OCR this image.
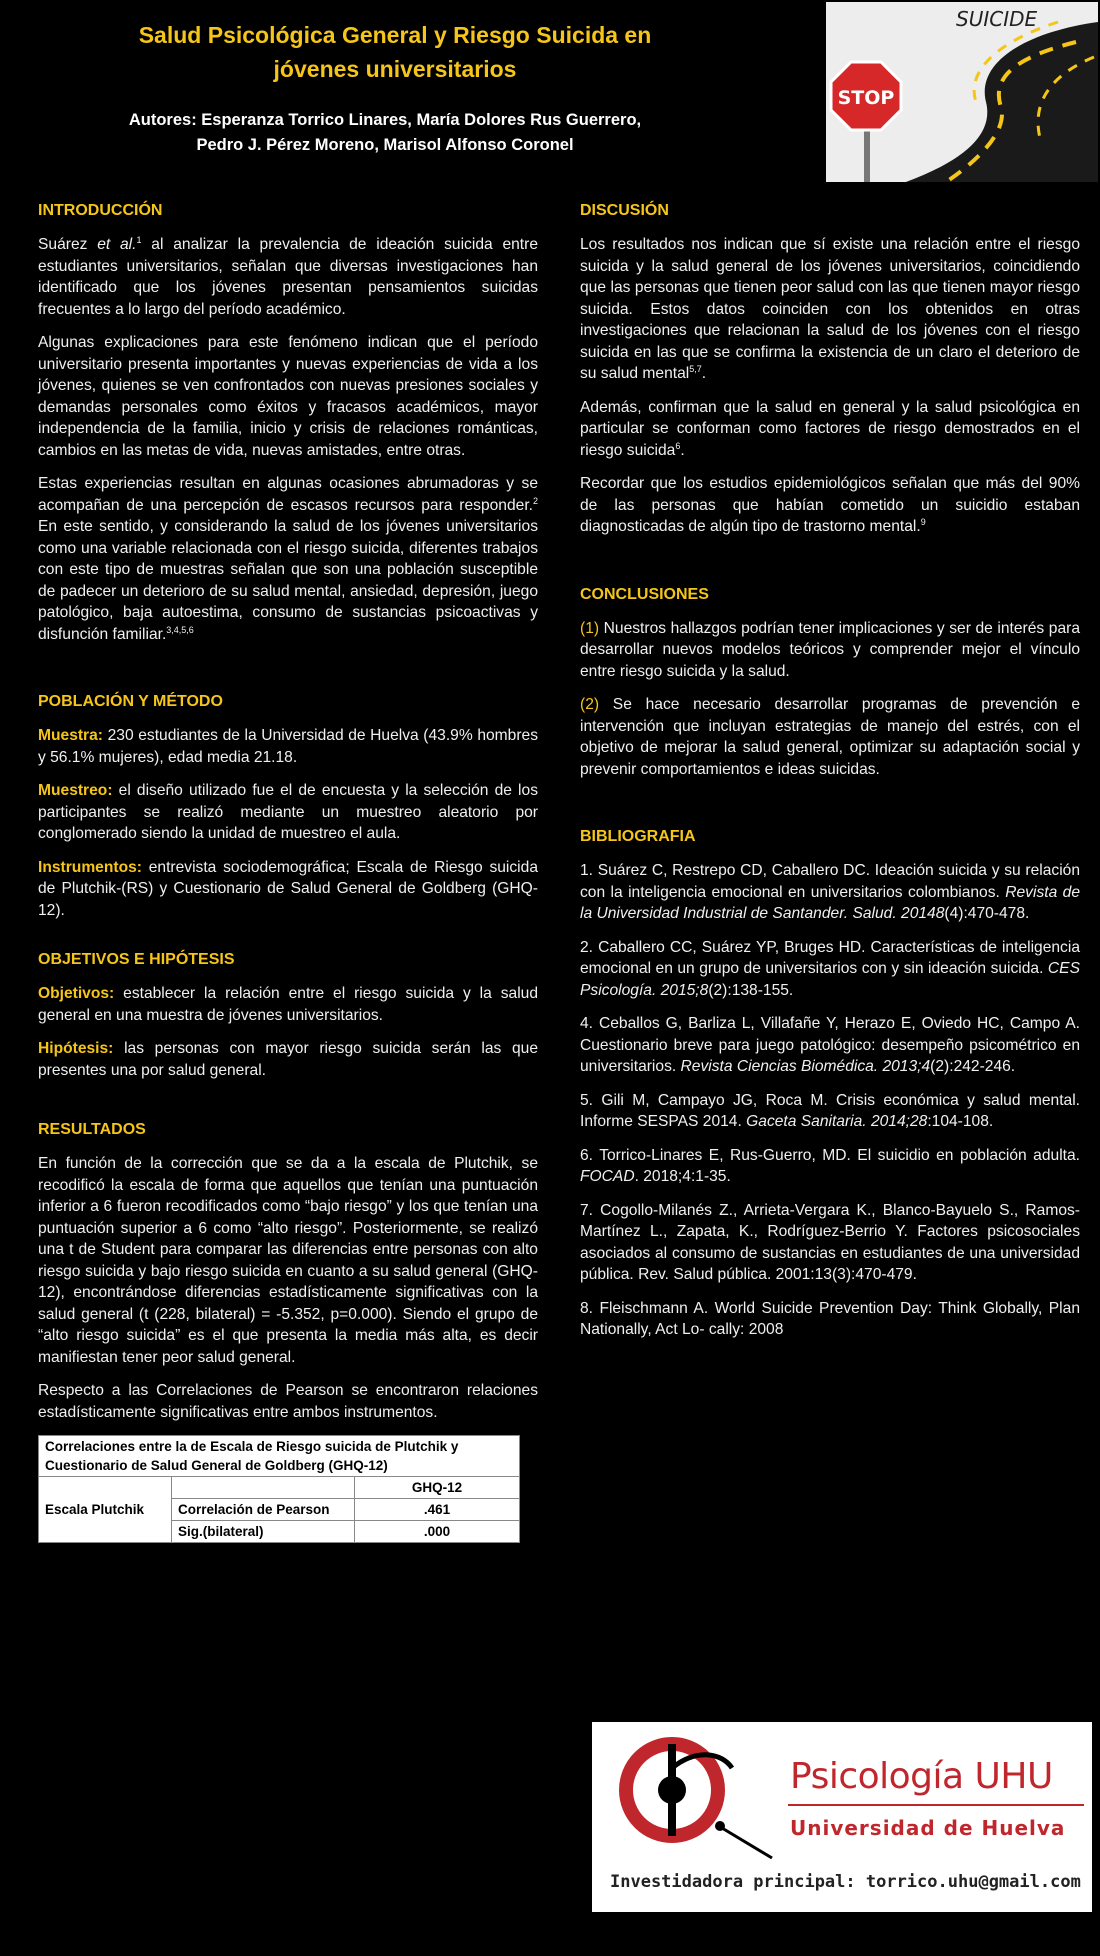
Salud Psicológica General y Riesgo Suicida en jóvenes universitarios
Autores: Esperanza Torrico Linares, María Dolores Rus Guerrero,
Pedro J. Pérez Moreno, Marisol Alfonso Coronel
SUICIDE
STOP
INTRODUCCIÓN

Suárez et al.$^1$ al analizar la prevalencia de ideación suicida entre estudiantes universitarios, señalan que diversas investigaciones han identificado que los jóvenes presentan pensamientos suicidas frecuentes a lo largo del período académico.

Algunas explicaciones para este fenómeno indican que el período universitario presenta importantes y nuevas experiencias de vida a los jóvenes, quienes se ven confrontados con nuevas presiones sociales y demandas personales como éxitos y fracasos académicos, mayor independencia de la familia, inicio y crisis de relaciones románticas, cambios en las metas de vida, nuevas amistades, entre otras.

Estas experiencias resultan en algunas ocasiones abrumadoras y se acompañan de una percepción de escasos recursos para responder.$^2$ En este sentido, y considerando la salud de los jóvenes universitarios como una variable relacionada con el riesgo suicida, diferentes trabajos con este tipo de muestras señalan que son una población susceptible de padecer un deterioro de su salud mental, ansiedad, depresión, juego patológico, baja autoestima, consumo de sustancias psicoactivas y disfunción familiar.$^{3,4,5,6}$

POBLACIÓN Y MÉTODO

Muestra: 230 estudiantes de la Universidad de Huelva (43.9% hombres y 56.1% mujeres), edad media 21.18.

Muestreo: el diseño utilizado fue el de encuesta y la selección de los participantes se realizó mediante un muestreo aleatorio por conglomerado siendo la unidad de muestreo el aula.

Instrumentos: entrevista sociodemográfica; Escala de Riesgo suicida de Plutchik-(RS) y Cuestionario de Salud General de Goldberg (GHQ-12).

OBJETIVOS E HIPÓTESIS

Objetivos: establecer la relación entre el riesgo suicida y la salud general en una muestra de jóvenes universitarios.

Hipótesis: las personas con mayor riesgo suicida serán las que presentes una por salud general.

RESULTADOS

En función de la corrección que se da a la escala de Plutchik, se recodificó la escala de forma que aquellos que tenían una puntuación inferior a 6 fueron recodificados como “bajo riesgo” y los que tenían una puntuación superior a 6 como “alto riesgo”. Posteriormente, se realizó una t de Student para comparar las diferencias entre personas con alto riesgo suicida y bajo riesgo suicida en cuanto a su salud general (GHQ-12), encontrándose diferencias estadísticamente significativas con la salud general (t (228, bilateral) = -5.352, p=0.000). Siendo el grupo de “alto riesgo suicida” es el que presenta la media más alta, es decir manifiestan tener peor salud general.

Respecto a las Correlaciones de Pearson se encontraron relaciones estadísticamente significativas entre ambos instrumentos.

Correlaciones entre la de Escala de Riesgo suicida de Plutchik y Cuestionario de Salud General de Goldberg (GHQ-12)		
Escala Plutchik		GHQ-12
	Correlación de Pearson	.461
	Sig.(bilateral)	.000
DISCUSIÓN

Los resultados nos indican que sí existe una relación entre el riesgo suicida y la salud general de los jóvenes universitarios, coincidiendo que las personas que tienen peor salud con las que tienen mayor riesgo suicida. Estos datos coinciden con los obtenidos en otras investigaciones que relacionan la salud de los jóvenes con el riesgo suicida en las que se confirma la existencia de un claro el deterioro de su salud mental$^{5,7}$.

Además, confirman que la salud en general y la salud psicológica en particular se conforman como factores de riesgo demostrados en el riesgo suicida$^6$.

Recordar que los estudios epidemiológicos señalan que más del 90% de las personas que habían cometido un suicidio estaban diagnosticadas de algún tipo de trastorno mental.$^9$

CONCLUSIONES

(1) Nuestros hallazgos podrían tener implicaciones y ser de interés para desarrollar nuevos modelos teóricos y comprender mejor el vínculo entre riesgo suicida y la salud.

(2) Se hace necesario desarrollar programas de prevención e intervención que incluyan estrategias de manejo del estrés, con el objetivo de mejorar la salud general, optimizar su adaptación social y prevenir comportamientos e ideas suicidas.

BIBLIOGRAFIA

1. Suárez C, Restrepo CD, Caballero DC. Ideación suicida y su relación con la inteligencia emocional en universitarios colombianos. Revista de la Universidad Industrial de Santander. Salud. 20148(4):470-478.

2. Caballero CC, Suárez YP, Bruges HD. Características de inteligencia emocional en un grupo de universitarios con y sin ideación suicida. CES Psicología. 2015;8(2):138-155.

4. Ceballos G, Barliza L, Villafañe Y, Herazo E, Oviedo HC, Campo A. Cuestionario breve para juego patológico: desempeño psicométrico en universitarios. Revista Ciencias Biomédica. 2013;4(2):242-246.

5. Gili M, Campayo JG, Roca M. Crisis económica y salud mental. Informe SESPAS 2014. Gaceta Sanitaria. 2014;28:104-108.

6. Torrico-Linares E, Rus-Guerro, MD. El suicidio en población adulta. FOCAD. 2018;4:1-35.

7. Cogollo-Milanés Z., Arrieta-Vergara K., Blanco-Bayuelo S., Ramos-Martínez L., Zapata, K., Rodríguez-Berrio Y. Factores psicosociales asociados al consumo de sustancias en estudiantes de una universidad pública. Rev. Salud pública. 2001:13(3):470-479.

8. Fleischmann A. World Suicide Prevention Day: Think Globally, Plan Nationally, Act Lo- cally: 2008

Psicología UHU
Universidad de Huelva
Investidadora principal: torrico.uhu@gmail.com
